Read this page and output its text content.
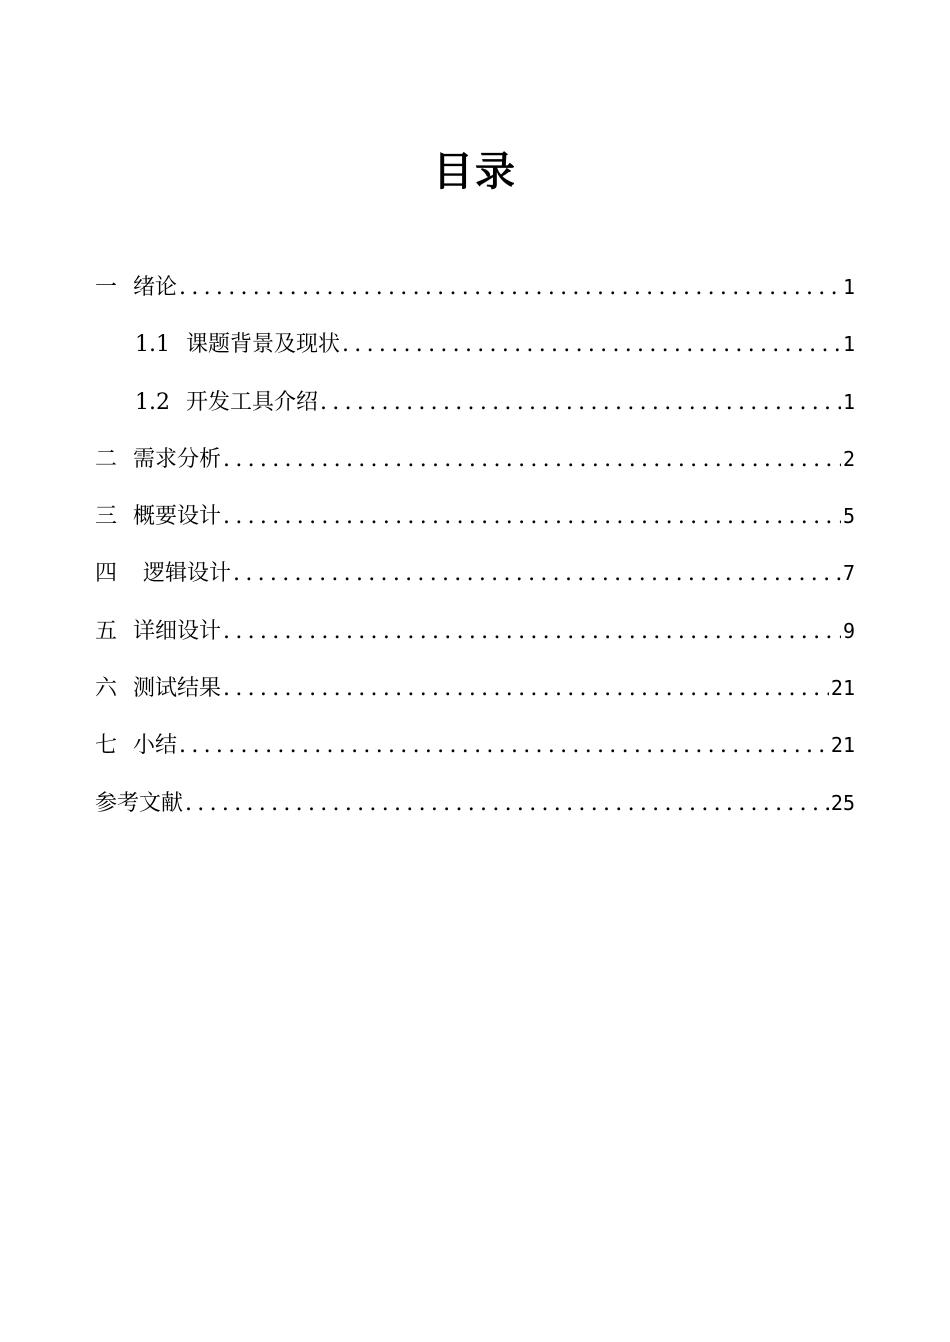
目录
一 绪论 .....	1
1.1 课题背景及现状 .....	1
1.2 开发工具介绍 .....	1
二 需求分析 .....	2
三 概要设计 .....	5
四 逻辑设计 .....	7
五 详细设计 .....	9
六 测试结果 .....	21
七 小结 .....	21
参考文献 .....	25
